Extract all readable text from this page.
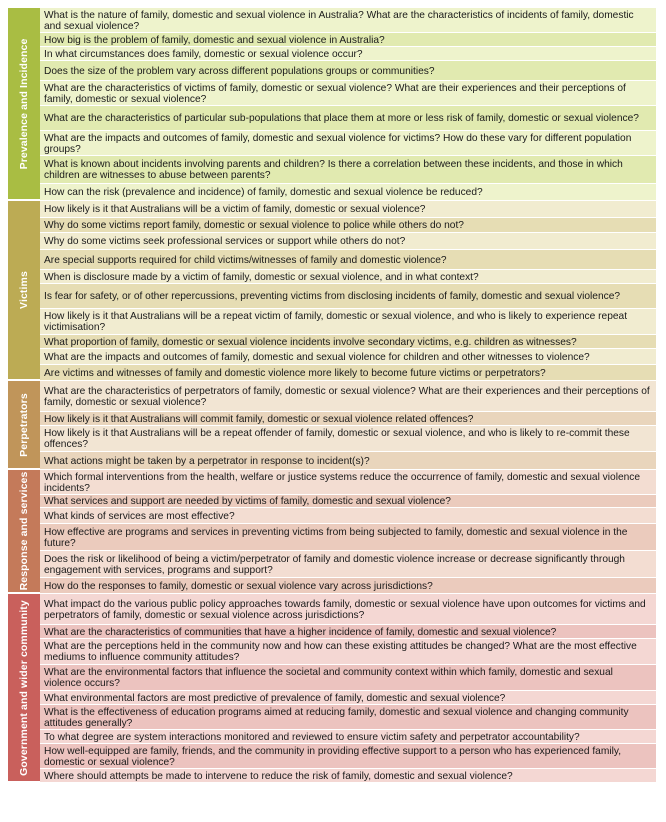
Prevalence and Incidence
What is the nature of family, domestic and sexual violence in Australia? What are the characteristics of incidents of family, domestic and sexual violence?
How big is the problem of family, domestic and sexual violence in Australia?
In what circumstances does family, domestic or sexual violence occur?
Does the size of the problem vary across different populations groups or communities?
What are the characteristics of victims of family, domestic or sexual violence? What are their experiences and their perceptions of family, domestic or sexual violence?
What are the characteristics of particular sub-populations that place them at more or less risk of family, domestic or sexual violence?
What are the impacts and outcomes of family, domestic and sexual violence for victims? How do these vary for different population groups?
What is known about incidents involving parents and children? Is there a correlation between these incidents, and those in which children are witnesses to abuse between parents?
How can the risk (prevalence and incidence) of family, domestic and sexual violence be reduced?
Victims
How likely is it that Australians will be a victim of family, domestic or sexual violence?
Why do some victims report family, domestic or sexual violence to police while others do not?
Why do some victims seek professional services or support while others do not?
Are special supports required for child victims/witnesses of family and domestic violence?
When is disclosure made by a victim of family, domestic or sexual violence, and in what context?
Is fear for safety, or of other repercussions, preventing victims from disclosing incidents of family, domestic and sexual violence?
How likely is it that Australians will be a repeat victim of family, domestic or sexual violence, and who is likely to experience repeat victimisation?
What proportion of family, domestic or sexual violence incidents involve secondary victims, e.g. children as witnesses?
What are the impacts and outcomes of family, domestic and sexual violence for children and other witnesses to violence?
Are victims and witnesses of family and domestic violence more likely to become future victims or perpetrators?
Perpetrators
What are the characteristics of perpetrators of family, domestic or sexual violence? What are their experiences and their perceptions of family, domestic or sexual violence?
How likely is it that Australians will commit family, domestic or sexual violence related offences?
How likely is it that Australians will be a repeat offender of family, domestic or sexual violence, and who is likely to re-commit these offences?
What actions might be taken by a perpetrator in response to incident(s)?
Response and services Which formal interventions from the health, welfare or justice systems reduce the occurrence of family, domestic and sexual violence incidents?
What services and support are needed by victims of family, domestic and sexual violence?
What kinds of services are most effective?
How effective are programs and services in preventing victims from being subjected to family, domestic and sexual violence in the future?
Does the risk or likelihood of being a victim/perpetrator of family and domestic violence increase or decrease significantly through engagement with services, programs and support?
How do the responses to family, domestic or sexual violence vary across jurisdictions?
Government and wider community What impact do the various public policy approaches towards family, domestic or sexual violence have upon outcomes for victims and perpetrators of family, domestic or sexual violence across jurisdictions?
What are the characteristics of communities that have a higher incidence of family, domestic and sexual violence?
What are the perceptions held in the community now and how can these existing attitudes be changed? What are the most effective mediums to influence community attitudes?
What are the environmental factors that influence the societal and community context within which family, domestic and sexual violence occurs?
What environmental factors are most predictive of prevalence of family, domestic and sexual violence?
What is the effectiveness of education programs aimed at reducing family, domestic and sexual violence and changing community attitudes generally?
To what degree are system interactions monitored and reviewed to ensure victim safety and perpetrator accountability?
How well-equipped are family, friends, and the community in providing effective support to a person who has experienced family, domestic or sexual violence?
Where should attempts be made to intervene to reduce the risk of family, domestic and sexual violence?
